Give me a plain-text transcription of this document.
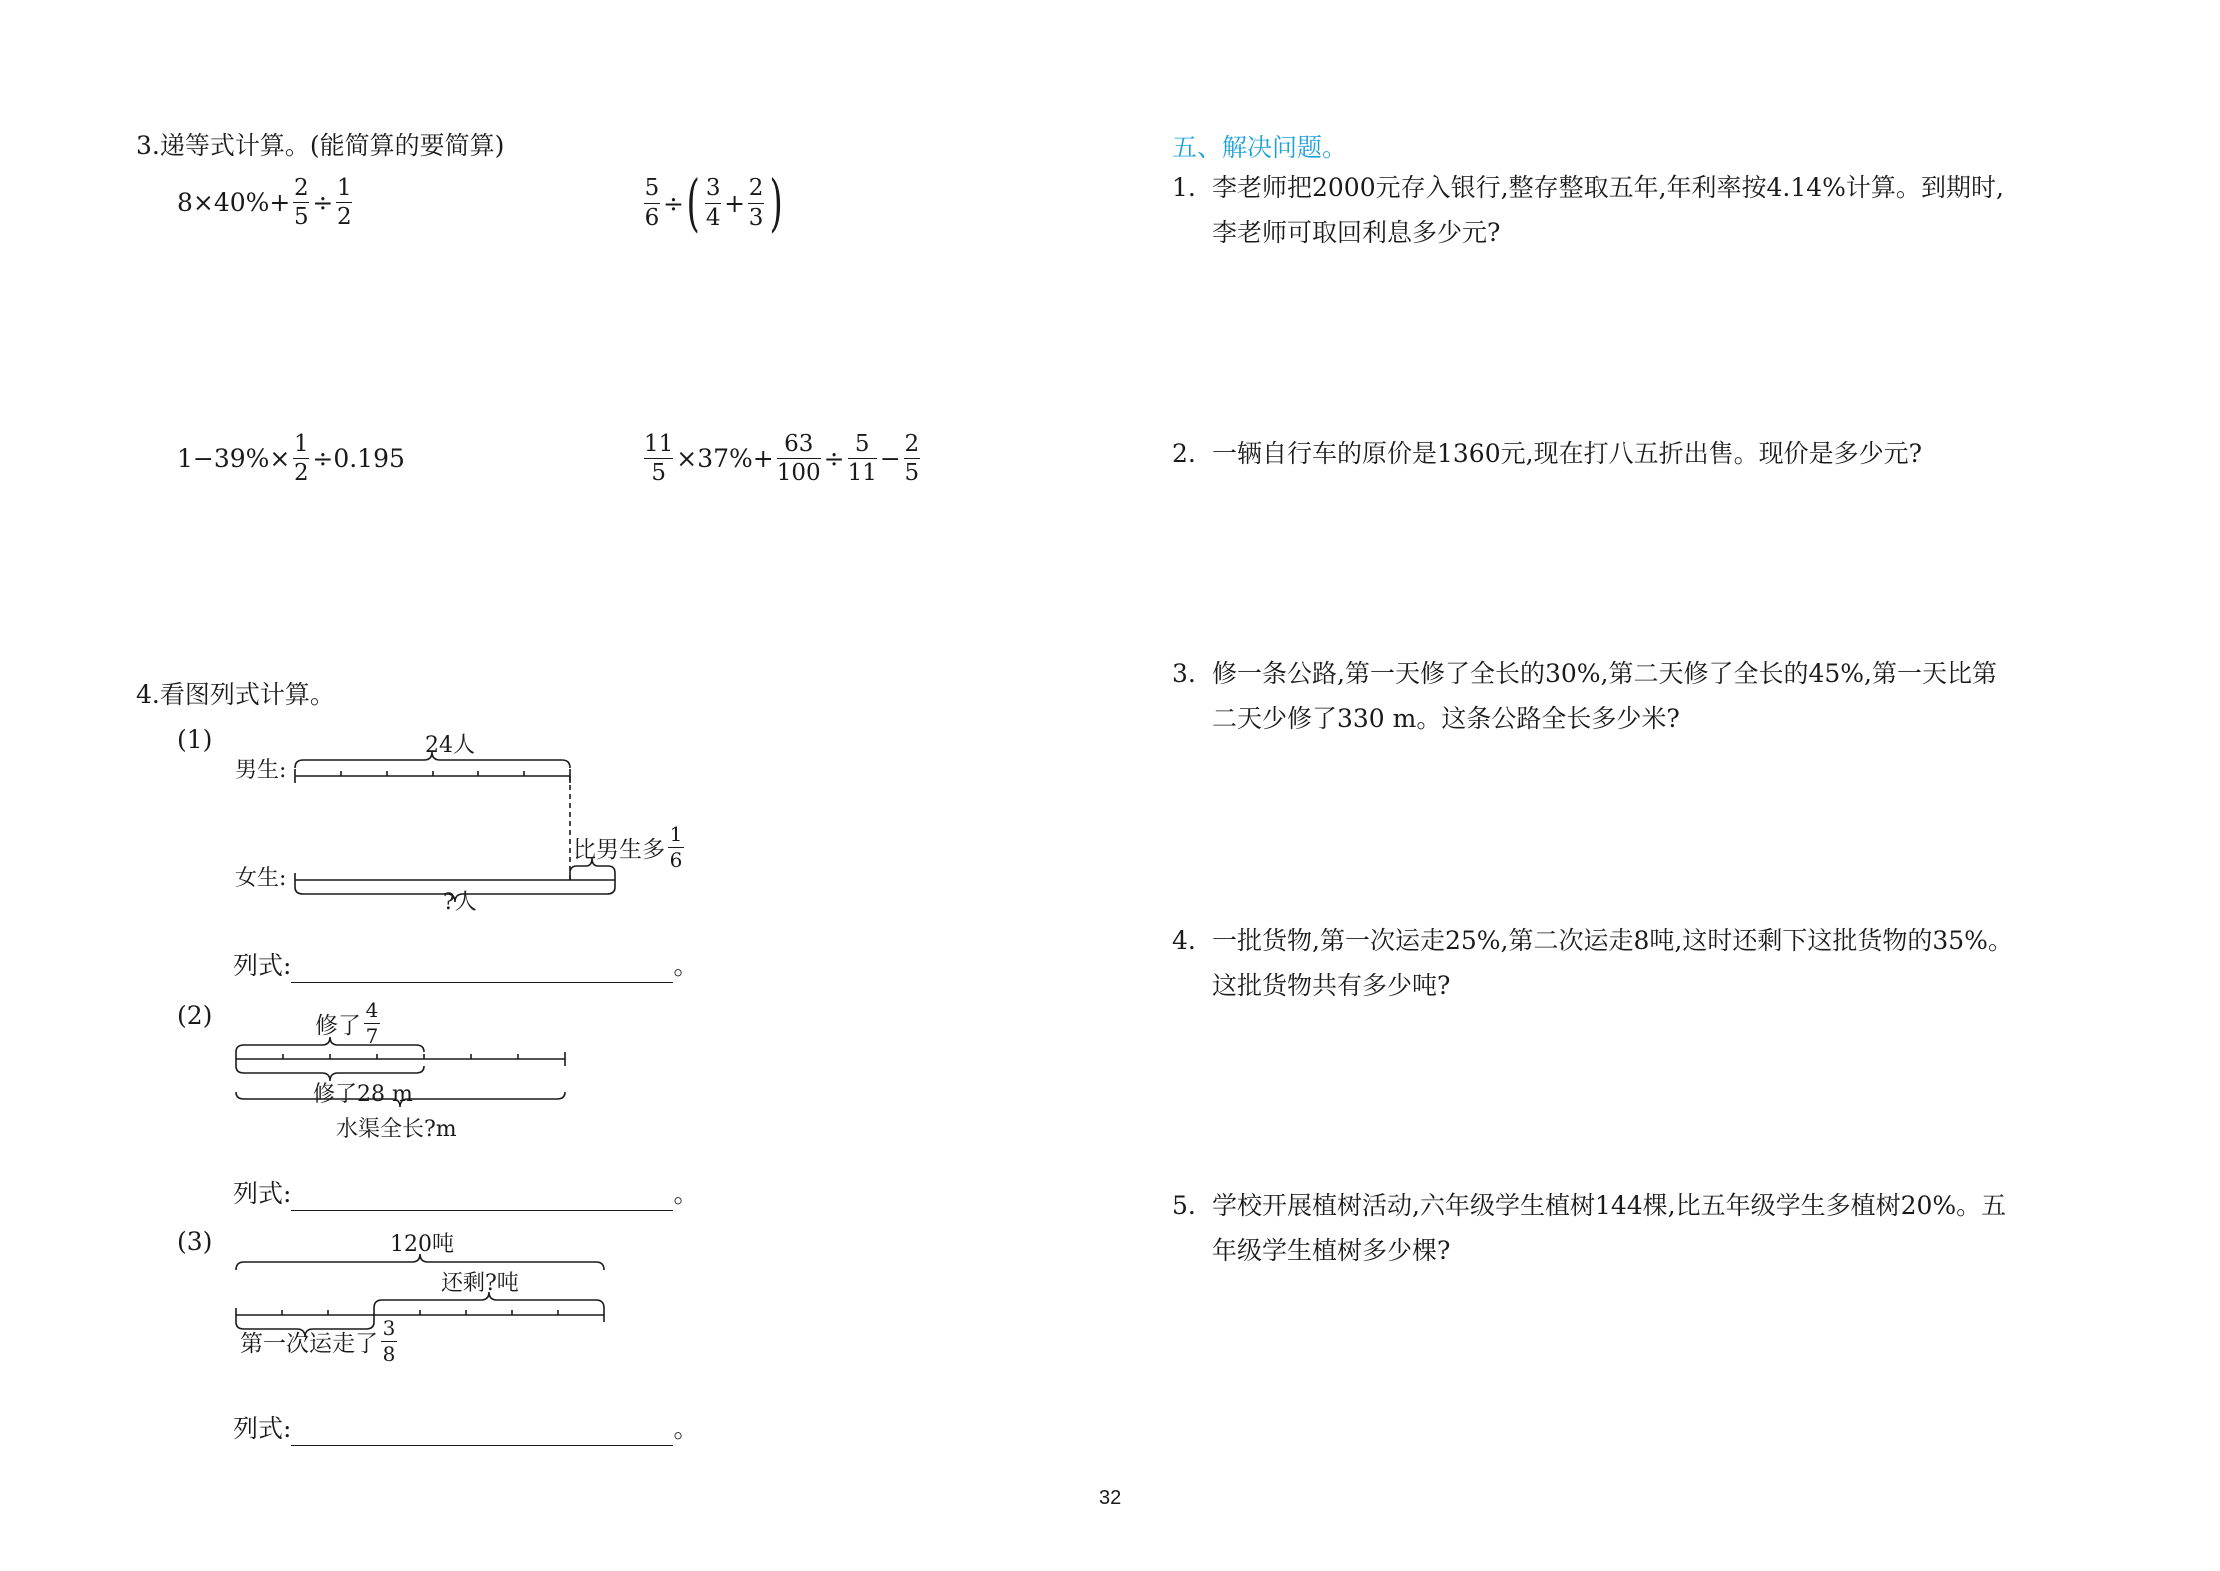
3.递等式计算。(能简算的要简算)
$8\times 40\%+ \frac{2}{5} \div \frac{1}{2}$	$\frac{5}{6}$ ÷ ( $\frac{3}{4} + \frac{2}{3}$ )
$1-39\%\times \frac{1}{2} \div 0.195$	$\frac{11}{5} \times 37\%+ \frac{63}{100} \div \frac{5}{11} - \frac{2}{5}$
4.看图列式计算。
(1)	24人
男生:
女生:
比男生多 $\frac{1}{6}$
?人
列式:	。
(2)	修了 $\frac{4}{7}$
修了28 m
水渠全长?m
列式:	。
(3)	120吨
还剩?吨
第一次运走了 $\frac{3}{8}$
列式:	。
五、解决问题。
1. 李老师把2000元存入银行,整存整取五年,年利率按4.14%计算。到期时,
李老师可取回利息多少元?
2. 一辆自行车的原价是1360元,现在打八五折出售。现价是多少元?
3. 修一条公路,第一天修了全长的30%,第二天修了全长的45%,第一天比第
二天少修了330 m。这条公路全长多少米?
4. 一批货物,第一次运走25%,第二次运走8吨,这时还剩下这批货物的35%。
这批货物共有多少吨?
5. 学校开展植树活动,六年级学生植树144棵,比五年级学生多植树20%。五
年级学生植树多少棵?
32
